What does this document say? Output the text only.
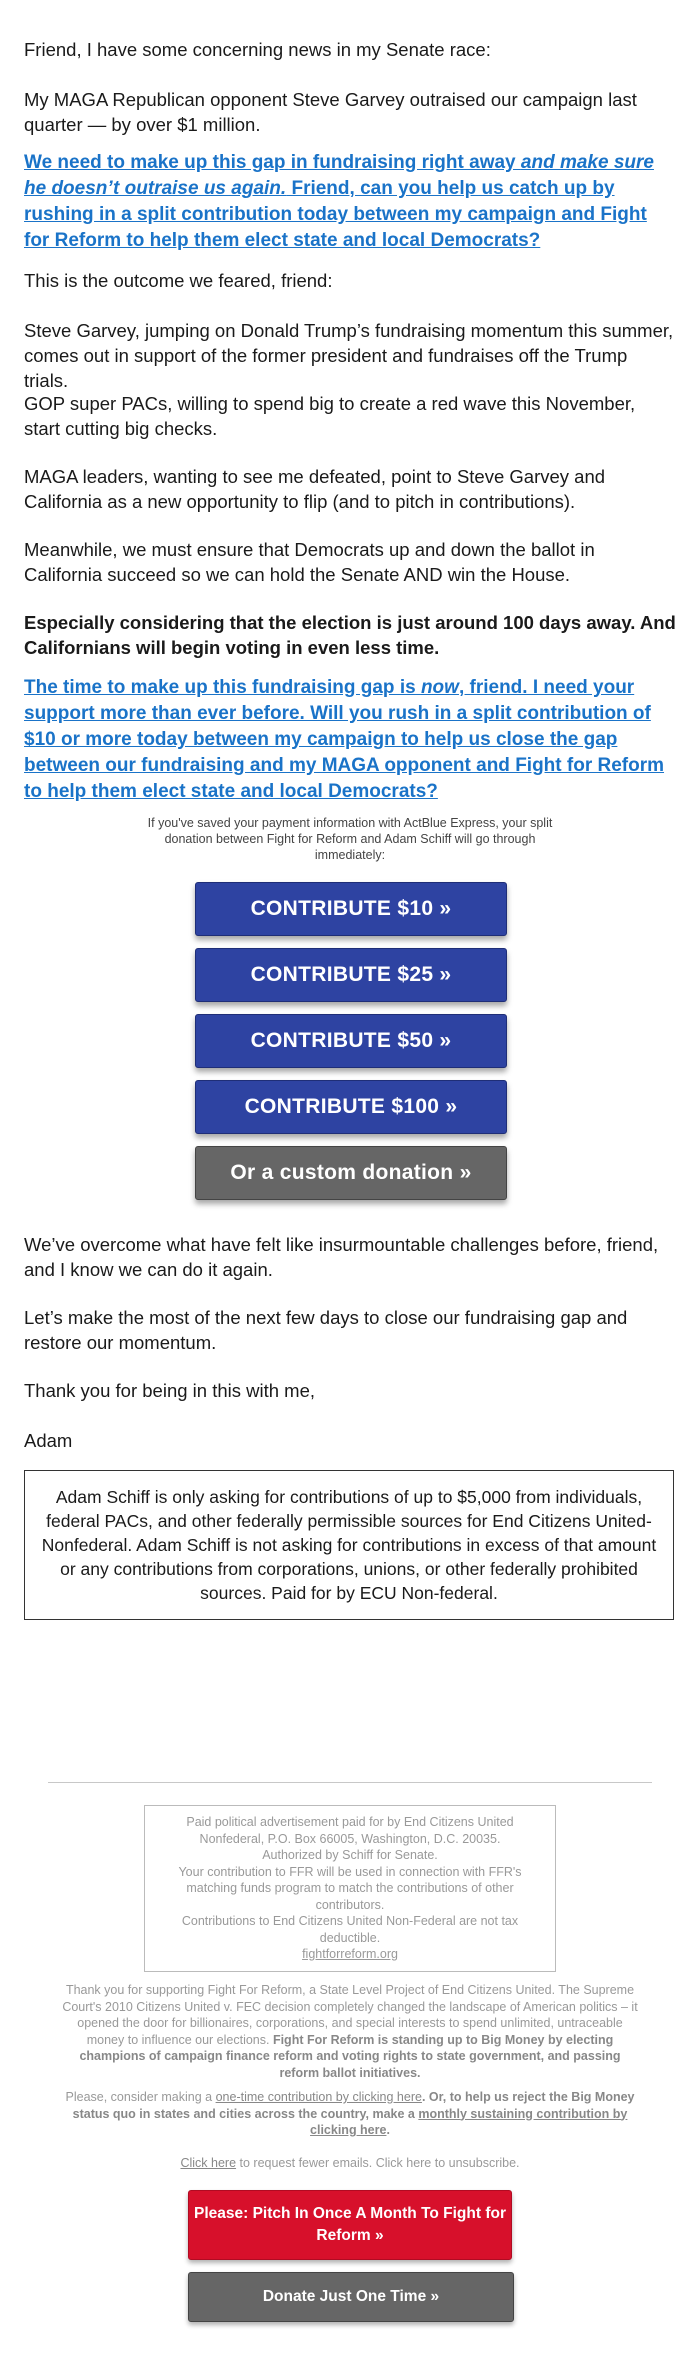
Friend, I have some concerning news in my Senate race:

My MAGA Republican opponent Steve Garvey outraised our campaign last quarter — by over $1 million.

We need to make up this gap in fundraising right away and make sure he doesn’t outraise us again. Friend, can you help us catch up by rushing in a split contribution today between my campaign and Fight for Reform to help them elect state and local Democrats?

This is the outcome we feared, friend:

Steve Garvey, jumping on Donald Trump’s fundraising momentum this summer, comes out in support of the former president and fundraises off the Trump trials.

GOP super PACs, willing to spend big to create a red wave this November, start cutting big checks.

MAGA leaders, wanting to see me defeated, point to Steve Garvey and California as a new opportunity to flip (and to pitch in contributions).

Meanwhile, we must ensure that Democrats up and down the ballot in California succeed so we can hold the Senate AND win the House.

Especially considering that the election is just around 100 days away. And Californians will begin voting in even less time.

The time to make up this fundraising gap is now, friend. I need your support more than ever before. Will you rush in a split contribution of $10 or more today between my campaign to help us close the gap between our fundraising and my MAGA opponent and Fight for Reform to help them elect state and local Democrats?

If you've saved your payment information with ActBlue Express, your split donation between Fight for Reform and Adam Schiff will go through immediately:
CONTRIBUTE $10 »
CONTRIBUTE $25 »
CONTRIBUTE $50 »
CONTRIBUTE $100 »
Or a custom donation »

We’ve overcome what have felt like insurmountable challenges before, friend, and I know we can do it again.

Let’s make the most of the next few days to close our fundraising gap and restore our momentum.

Thank you for being in this with me,

Adam

Adam Schiff is only asking for contributions of up to $5,000 from individuals, federal PACs, and other federally permissible sources for End Citizens United-Nonfederal. Adam Schiff is not asking for contributions in excess of that amount or any contributions from corporations, unions, or other federally prohibited sources. Paid for by ECU Non-federal.
Paid political advertisement paid for by End Citizens United Nonfederal, P.O. Box 66005, Washington, D.C. 20035.
Authorized by Schiff for Senate.
Your contribution to FFR will be used in connection with FFR's matching funds program to match the contributions of other contributors.
Contributions to End Citizens United Non-Federal are not tax deductible.
fightforreform.org
Thank you for supporting Fight For Reform, a State Level Project of End Citizens United. The Supreme Court's 2010 Citizens United v. FEC decision completely changed the landscape of American politics – it opened the door for billionaires, corporations, and special interests to spend unlimited, untraceable money to influence our elections. Fight For Reform is standing up to Big Money by electing champions of campaign finance reform and voting rights to state government, and passing reform ballot initiatives.
Please, consider making a one-time contribution by clicking here. Or, to help us reject the Big Money status quo in states and cities across the country, make a monthly sustaining contribution by clicking here.
Click here to request fewer emails. Click here to unsubscribe.
Please: Pitch In Once A Month To Fight for Reform »
Donate Just One Time »
